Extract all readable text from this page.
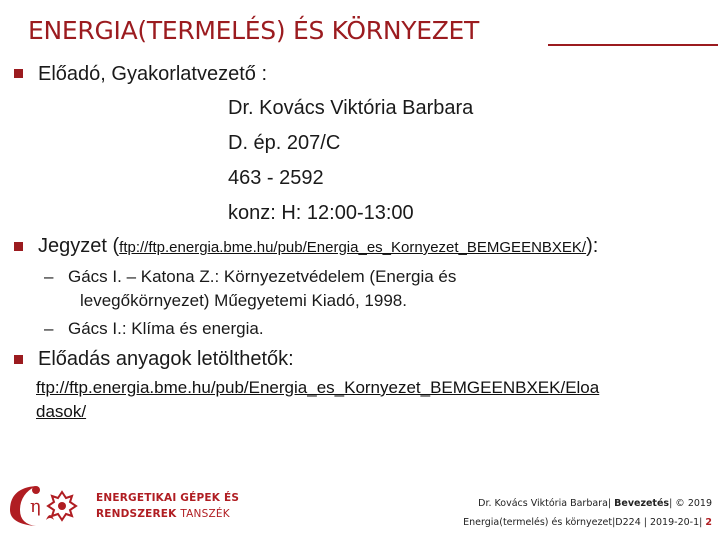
ENERGIA(TERMELÉS) ÉS KÖRNYEZET
Előadó, Gyakorlatvezető :
Dr. Kovács Viktória Barbara
D. ép. 207/C
463 - 2592
konz: H: 12:00-13:00
Jegyzet (ftp://ftp.energia.bme.hu/pub/Energia_es_Kornyezet_BEMGEENBXEK/):
– Gács I. – Katona Z.: Környezetvédelem (Energia és
levegőkörnyezet) Műegyetemi Kiadó, 1998.
– Gács I.: Klíma és energia.
Előadás anyagok letölthetők:
ftp://ftp.energia.bme.hu/pub/Energia_es_Kornyezet_BEMGEENBXEK/Eloa
dasok/
η	ENERGETIKAI GÉPEK ÉS
RENDSZEREK TANSZÉK
Dr. Kovács Viktória Barbara| Bevezetés| © 2019
Energia(termelés) és környezet|D224 | 2019-20-1| 2
